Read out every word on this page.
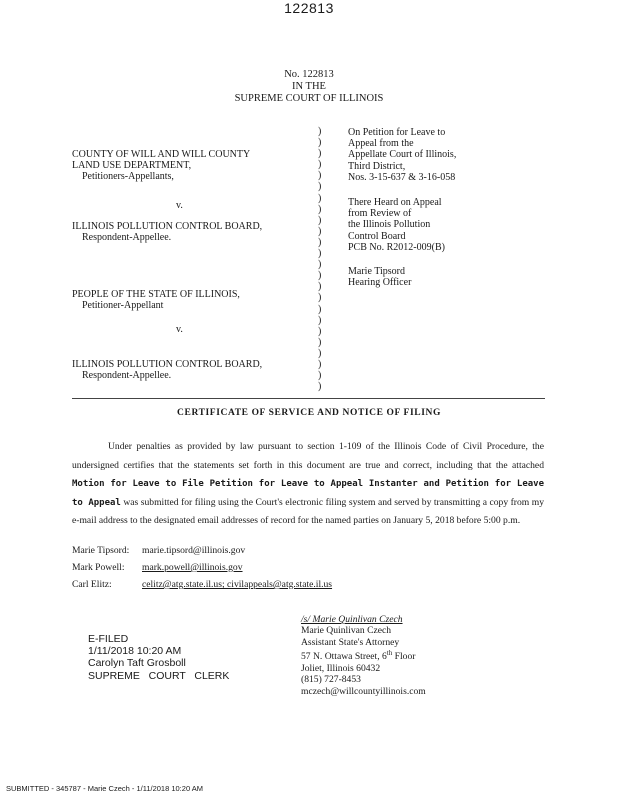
122813
No. 122813
IN THE
SUPREME COURT OF ILLINOIS
COUNTY OF WILL AND WILL COUNTY
LAND USE DEPARTMENT,
Petitioners-Appellants,
v.
ILLINOIS POLLUTION CONTROL BOARD,
Respondent-Appellee.
PEOPLE OF THE STATE OF ILLINOIS,
Petitioner-Appellant
v.
ILLINOIS POLLUTION CONTROL BOARD,
Respondent-Appellee.
)
)
)
)
)
)
)
)
)
)
)
)
)
)
)
)
)
)
)
)
)
)
)
)
On Petition for Leave to
Appeal from the
Appellate Court of Illinois,
Third District,
Nos. 3-15-637 & 3-16-058
There Heard on Appeal
from Review of
the Illinois Pollution
Control Board
PCB No. R2012-009(B)
Marie Tipsord
Hearing Officer
CERTIFICATE OF SERVICE AND NOTICE OF FILING
Under penalties as provided by law pursuant to section 1-109 of the Illinois Code of Civil Procedure, the undersigned certifies that the statements set forth in this document are true and correct, including that the attached Motion for Leave to File Petition for Leave to Appeal Instanter and Petition for Leave to Appeal was submitted for filing using the Court's electronic filing system and served by transmitting a copy from my e-mail address to the designated email addresses of record for the named parties on January 5, 2018 before 5:00 p.m.
Marie Tipsord: marie.tipsord@illinois.gov
Mark Powell: mark.powell@illinois.gov
Carl Elitz:	celitz@atg.state.il.us; civilappeals@atg.state.il.us
/s/ Marie Quinlivan Czech
Marie Quinlivan Czech
Assistant State's Attorney
57 N. Ottawa Street, 6th Floor
Joliet, Illinois 60432
(815) 727-8453
mczech@willcountyillinois.com
E-FILED
1/11/2018 10:20 AM
Carolyn Taft Grosboll
SUPREME   COURT   CLERK
SUBMITTED - 345787 - Marie Czech - 1/11/2018 10:20 AM
